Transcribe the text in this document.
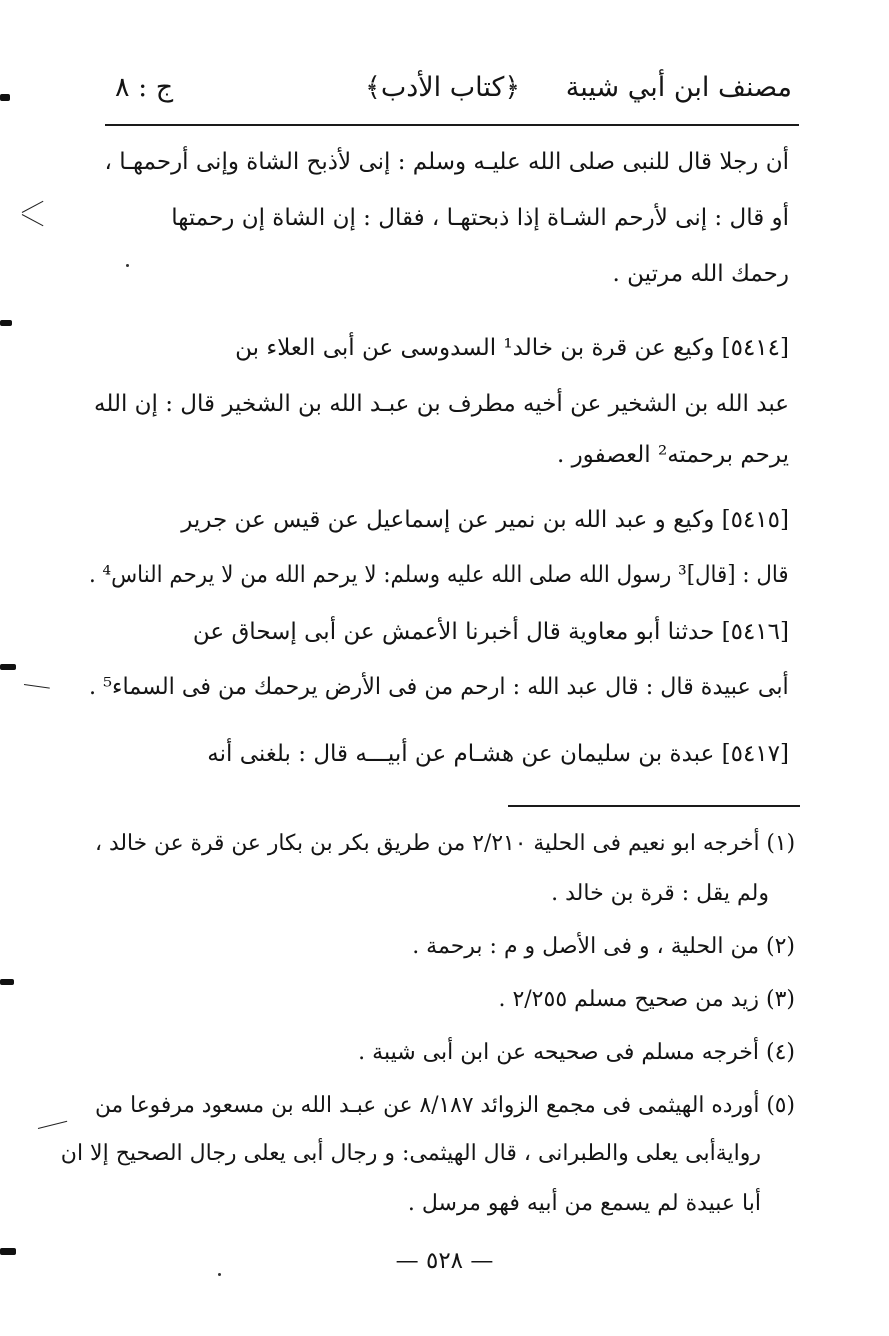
مصنف ابن أبي شيبة
﴿كتاب الأدب﴾
ج : ٨
أن رجلا قال للنبى صلى الله عليـه وسلم : إنى لأذبح الشاة وإنى أرحمهـا ،
أو قال : إنى لأرحم الشـاة إذا ذبحتهـا ، فقال : إن الشاة إن رحمتها
رحمك الله مرتين .
[٥٤١٤] وكيع عن قرة بن خالد¹ السدوسى عن أبى العلاء بن
عبد الله بن الشخير عن أخيه مطرف بن عبـد الله بن الشخير قال : إن الله
يرحم برحمته² العصفور .
[٥٤١٥] وكيع و عبد الله بن نمير عن إسماعيل عن قيس عن جرير
قال : [قال]³ رسول الله صلى الله عليه وسلم: لا يرحم الله من لا يرحم الناس⁴ .
[٥٤١٦] حدثنا أبو معاوية قال أخبرنا الأعمش عن أبى إسحاق عن
أبى عبيدة قال : قال عبد الله : ارحم من فى الأرض يرحمك من فى السماء⁵ .
[٥٤١٧] عبدة بن سليمان عن هشـام عن أبيـــه قال : بلغنى أنه
(١) أخرجه ابو نعيم فى الحلية ٢/٢١٠ من طريق بكر بن بكار عن قرة عن خالد ،
ولم يقل : قرة بن خالد .
(٢) من الحلية ، و فى الأصل و م : برحمة .
(٣) زيد من صحيح مسلم ٢/٢٥٥ .
(٤) أخرجه مسلم فى صحيحه عن ابن أبى شيبة .
(٥) أورده الهيثمى فى مجمع الزوائد ٨/١٨٧ عن عبـد الله بن مسعود مرفوعا من
روايةأبى يعلى والطبرانى ، قال الهيثمى: و رجال أبى يعلى رجال الصحيح إلا ان
أبا عبيدة لم يسمع من أبيه فهو مرسل .
— ٥٢٨ —
